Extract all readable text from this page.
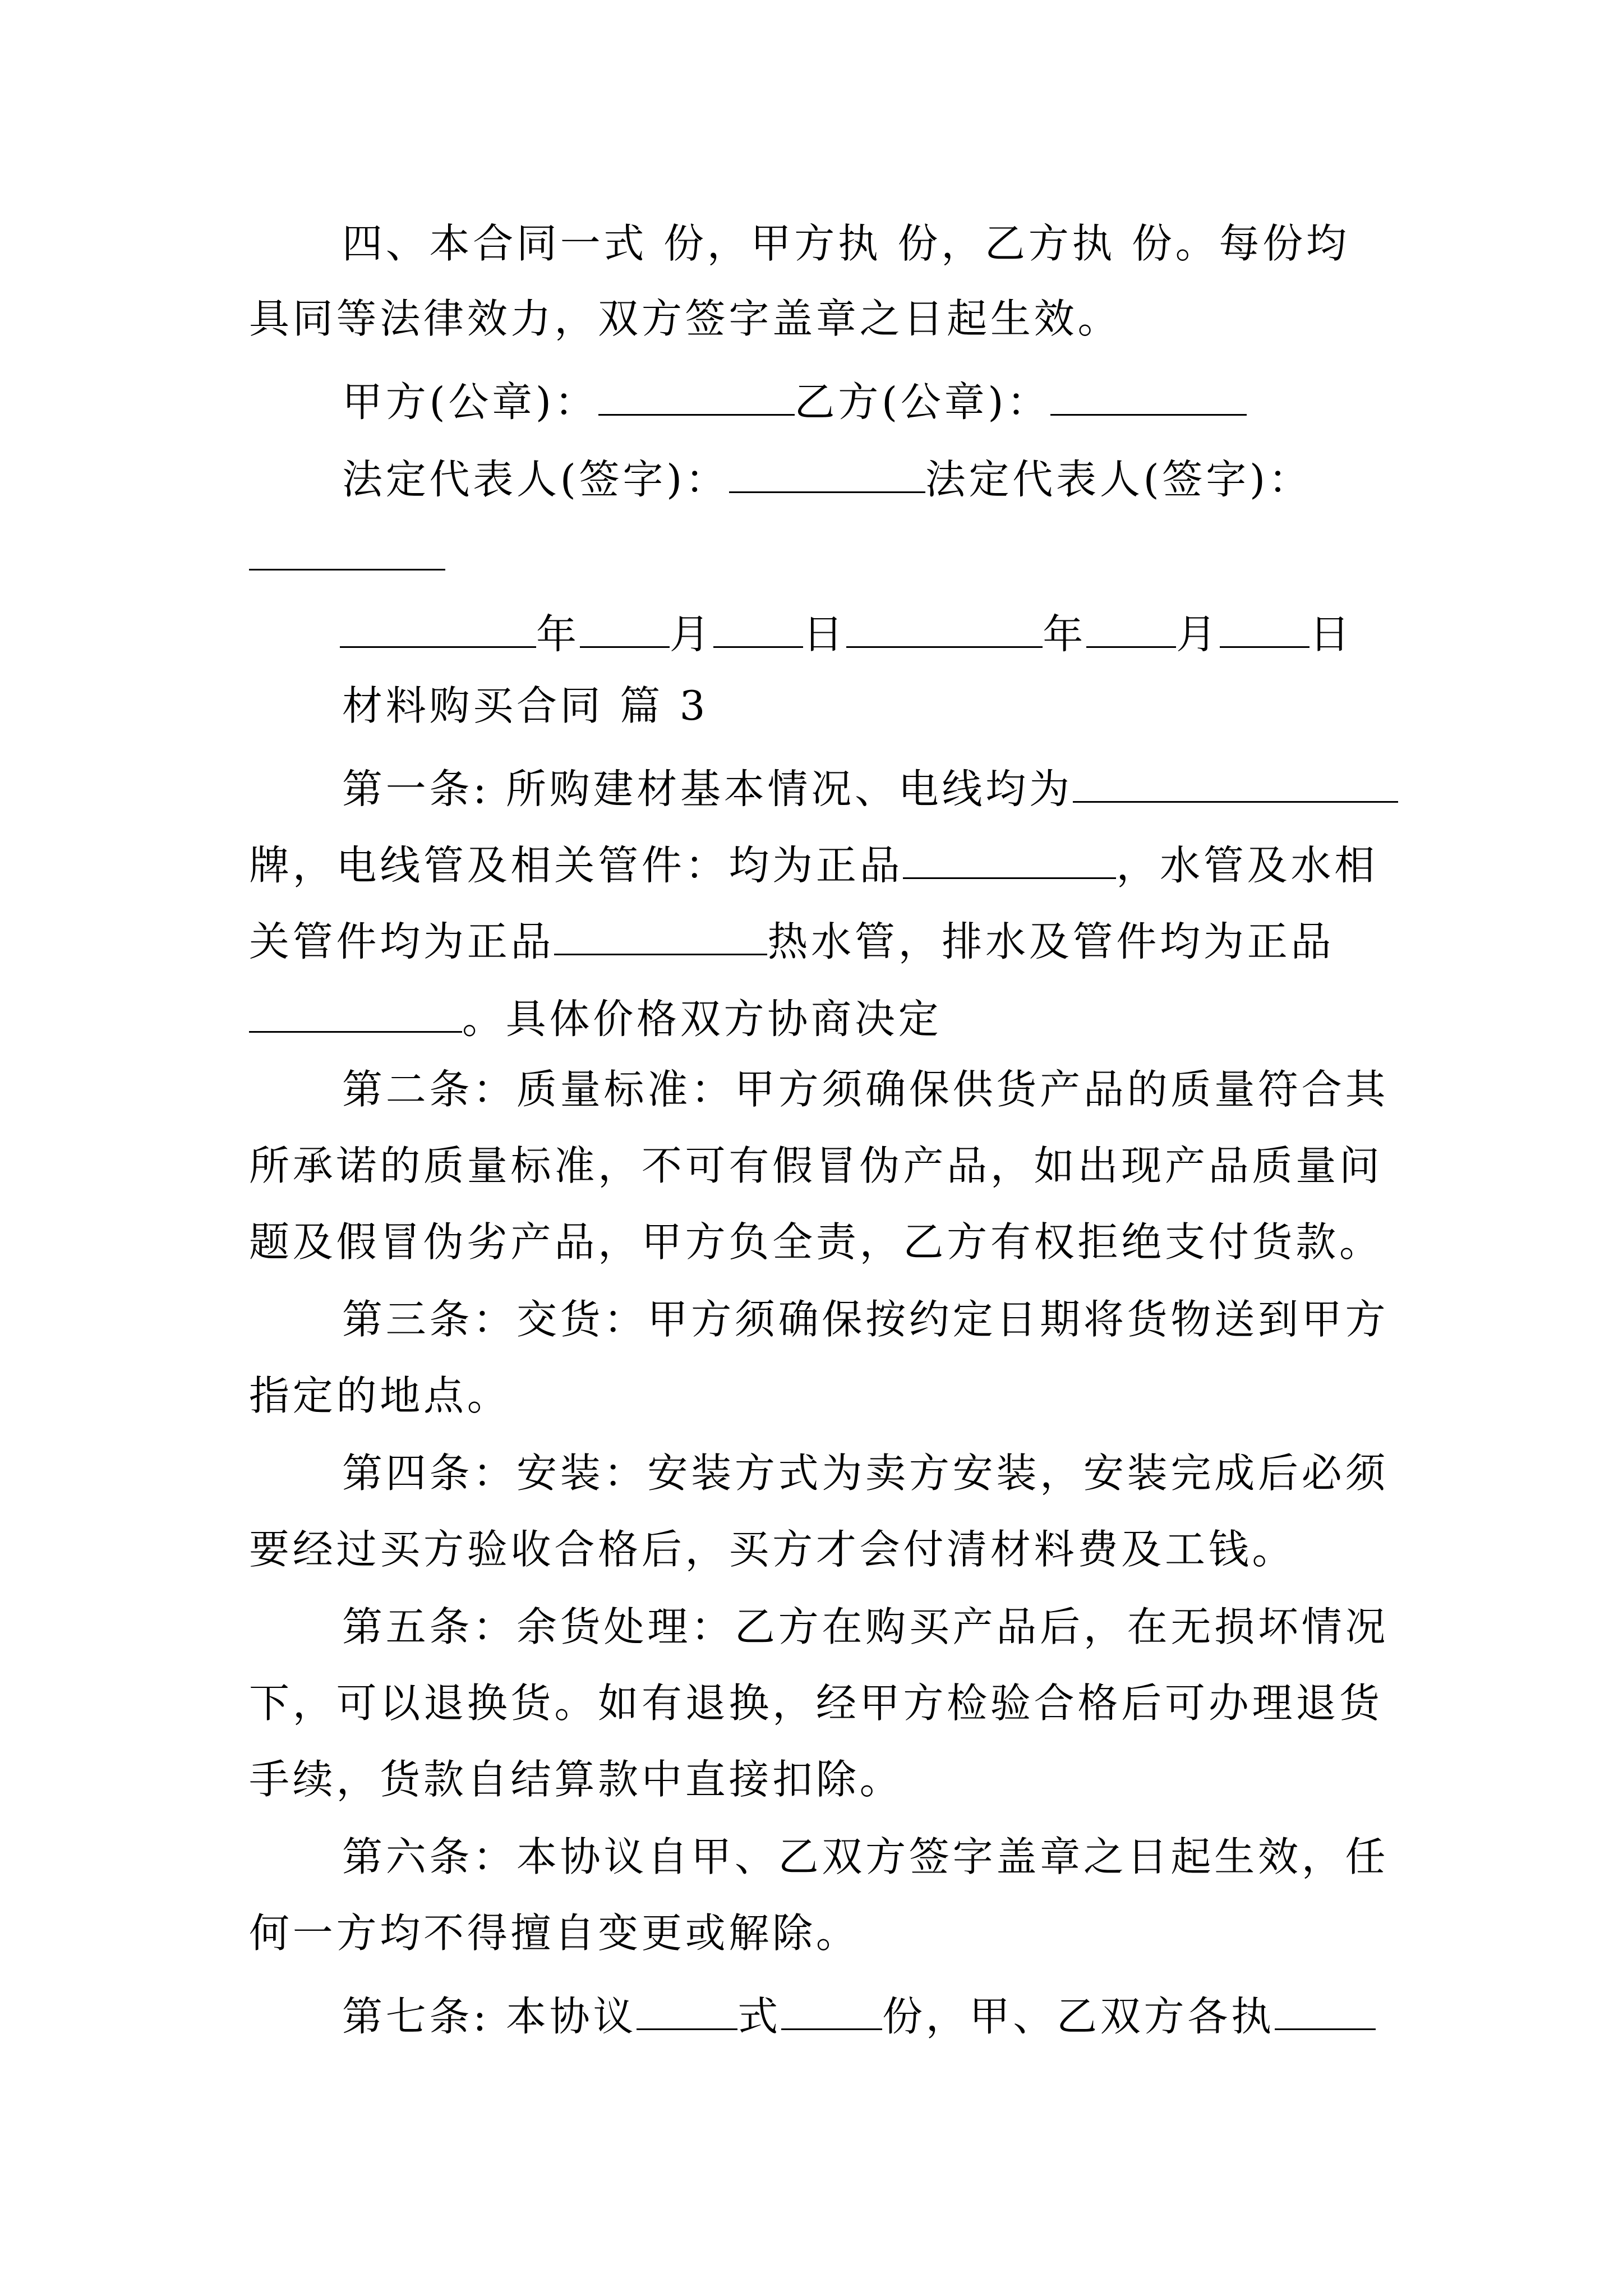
四、本合同一式 份，甲方执 份，乙方执 份。每份均
具同等法律效力，双方签字盖章之日起生效。
甲方(公章)：	乙方(公章)：
法定代表人(签字)：	法定代表人(签字)：
年 月 日	年 月 日
材料购买合同 篇 3
第一条: 所购建材基本情况、电线均为
牌，电线管及相关管件：均为正品	，水管及水相
关管件均为正品	热水管，排水及管件均为正品
。具体价格双方协商决定
第二条：质量标准：甲方须确保供货产品的质量符合其
所承诺的质量标准，不可有假冒伪产品，如出现产品质量问
题及假冒伪劣产品，甲方负全责，乙方有权拒绝支付货款。
第三条：交货：甲方须确保按约定日期将货物送到甲方
指定的地点。
第四条：安装：安装方式为卖方安装，安装完成后必须
要经过买方验收合格后，买方才会付清材料费及工钱。
第五条：余货处理：乙方在购买产品后，在无损坏情况
下，可以退换货。如有退换，经甲方检验合格后可办理退货
手续，货款自结算款中直接扣除。
第六条：本协议自甲、乙双方签字盖章之日起生效，任
何一方均不得擅自变更或解除。
第七条: 本协议	式	份，甲、乙双方各执
